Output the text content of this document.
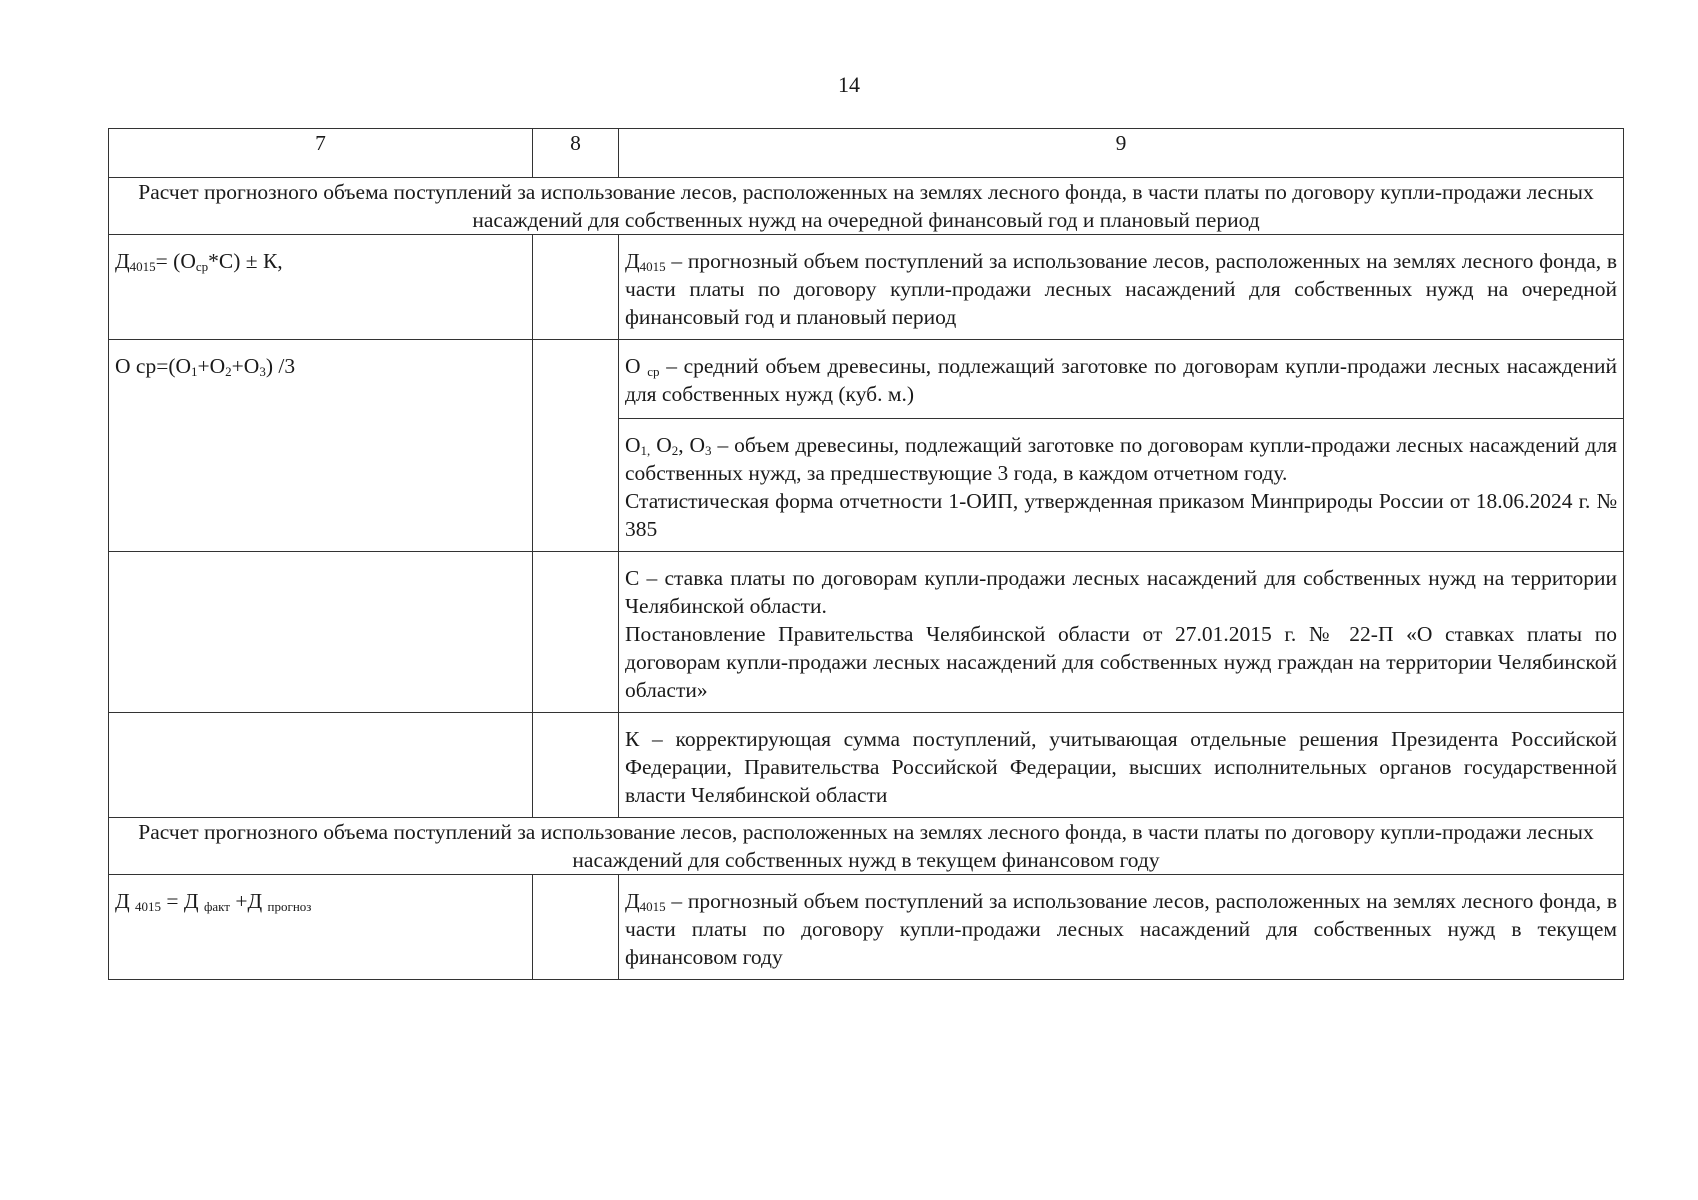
14
7	8	9
Расчет прогнозного объема поступлений за использование лесов, расположенных на землях лесного фонда, в части платы по договору купли-продажи лесных насаждений для собственных нужд на очередной финансовый год и плановый период		
$Д_{4015}= (О_{ср}*С) \pm К$,		$Д_{4015}$ – прогнозный объем поступлений за использование лесов, расположенных на землях лесного фонда, в части платы по договору купли-продажи лесных насаждений для собственных нужд на очередной финансовый год и плановый период

О $ср=(О_1+О_2+О_3)$ /3		О $_{ср}$ – средний объем древесины, подлежащий заготовке по договорам купли-продажи лесных насаждений для собственных нужд (куб. м.)

		$О_{1,}$ $О_2$, $О_3$ – объем древесины, подлежащий заготовке по договорам купли-продажи лесных насаждений для собственных нужд, за предшествующие 3 года, в каждом отчетном году.

Статистическая форма отчетности 1-ОИП, утвержденная приказом Минприроды России от 18.06.2024 г. № 385

		С – ставка платы по договорам купли-продажи лесных насаждений для собственных нужд на территории Челябинской области.

Постановление Правительства Челябинской области от 27.01.2015 г. № 22-П «О ставках платы по договорам купли-продажи лесных насаждений для собственных нужд граждан на территории Челябинской области»

		К – корректирующая сумма поступлений, учитывающая отдельные решения Президента Российской Федерации, Правительства Российской Федерации, высших исполнительных органов государственной власти Челябинской области

Расчет прогнозного объема поступлений за использование лесов, расположенных на землях лесного фонда, в части платы по договору купли-продажи лесных насаждений для собственных нужд в текущем финансовом году		
Д $_{4015}$ = Д $_{факт}$ +Д $_{прогноз}$		$Д_{4015}$ – прогнозный объем поступлений за использование лесов, расположенных на землях лесного фонда, в части платы по договору купли-продажи лесных насаждений для собственных нужд в текущем финансовом году
